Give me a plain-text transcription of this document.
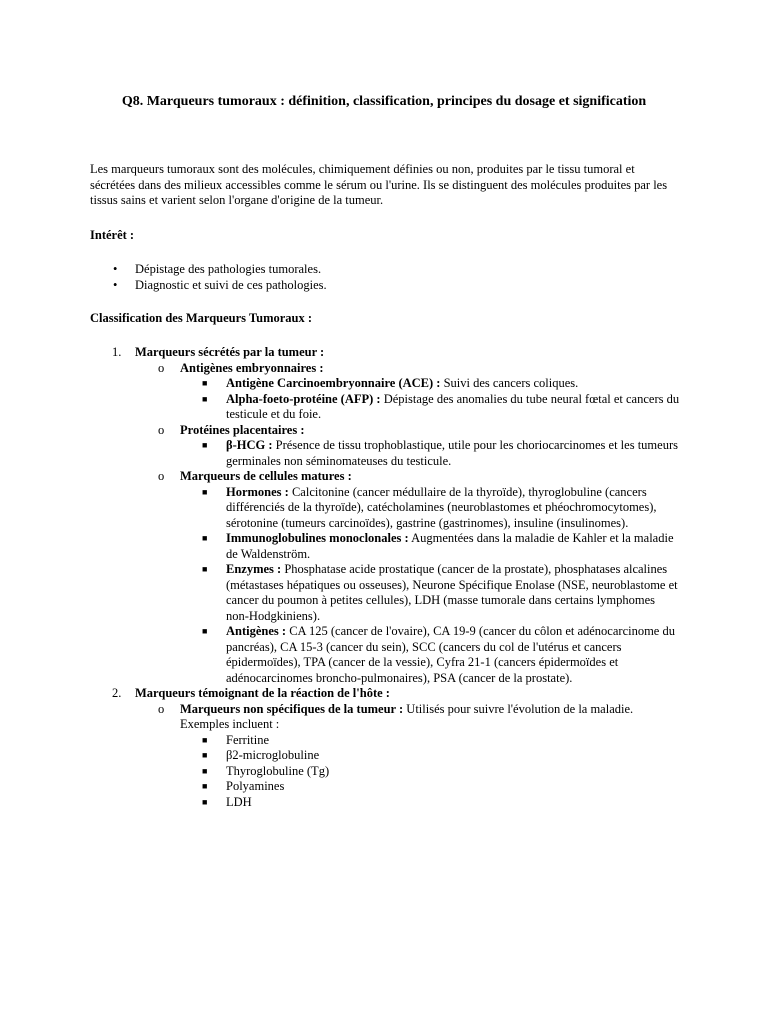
Q8. Marqueurs tumoraux : définition, classification, principes du dosage et signification

Les marqueurs tumoraux sont des molécules, chimiquement définies ou non, produites par le tissu tumoral et sécrétées dans des milieux accessibles comme le sérum ou l'urine. Ils se distinguent des molécules produites par les tissus sains et varient selon l'organe d'origine de la tumeur.

Intérêt :

• Dépistage des pathologies tumorales.
• Diagnostic et suivi de ces pathologies.

Classification des Marqueurs Tumoraux :

1. Marqueurs sécrétés par la tumeur :
o Antigènes embryonnaires :
■ Antigène Carcinoembryonnaire (ACE) : Suivi des cancers coliques.
■ Alpha-foeto-protéine (AFP) : Dépistage des anomalies du tube neural fœtal et cancers du testicule et du foie.
o Protéines placentaires :
■ β-HCG : Présence de tissu trophoblastique, utile pour les choriocarcinomes et les tumeurs germinales non séminomateuses du testicule.
o Marqueurs de cellules matures :
■ Hormones : Calcitonine (cancer médullaire de la thyroïde), thyroglobuline (cancers différenciés de la thyroïde), catécholamines (neuroblastomes et phéochromocytomes), sérotonine (tumeurs carcinoïdes), gastrine (gastrinomes), insuline (insulinomes).
■ Immunoglobulines monoclonales : Augmentées dans la maladie de Kahler et la maladie de Waldenström.
■ Enzymes : Phosphatase acide prostatique (cancer de la prostate), phosphatases alcalines (métastases hépatiques ou osseuses), Neurone Spécifique Enolase (NSE, neuroblastome et cancer du poumon à petites cellules), LDH (masse tumorale dans certains lymphomes non-Hodgkiniens).
■ Antigènes : CA 125 (cancer de l'ovaire), CA 19-9 (cancer du côlon et adénocarcinome du pancréas), CA 15-3 (cancer du sein), SCC (cancers du col de l'utérus et cancers épidermoïdes), TPA (cancer de la vessie), Cyfra 21-1 (cancers épidermoïdes et adénocarcinomes broncho-pulmonaires), PSA (cancer de la prostate).
2. Marqueurs témoignant de la réaction de l'hôte :
o Marqueurs non spécifiques de la tumeur : Utilisés pour suivre l'évolution de la maladie.
Exemples incluent :
■ Ferritine
■ β2-microglobuline
■ Thyroglobuline (Tg)
■ Polyamines
■ LDH
